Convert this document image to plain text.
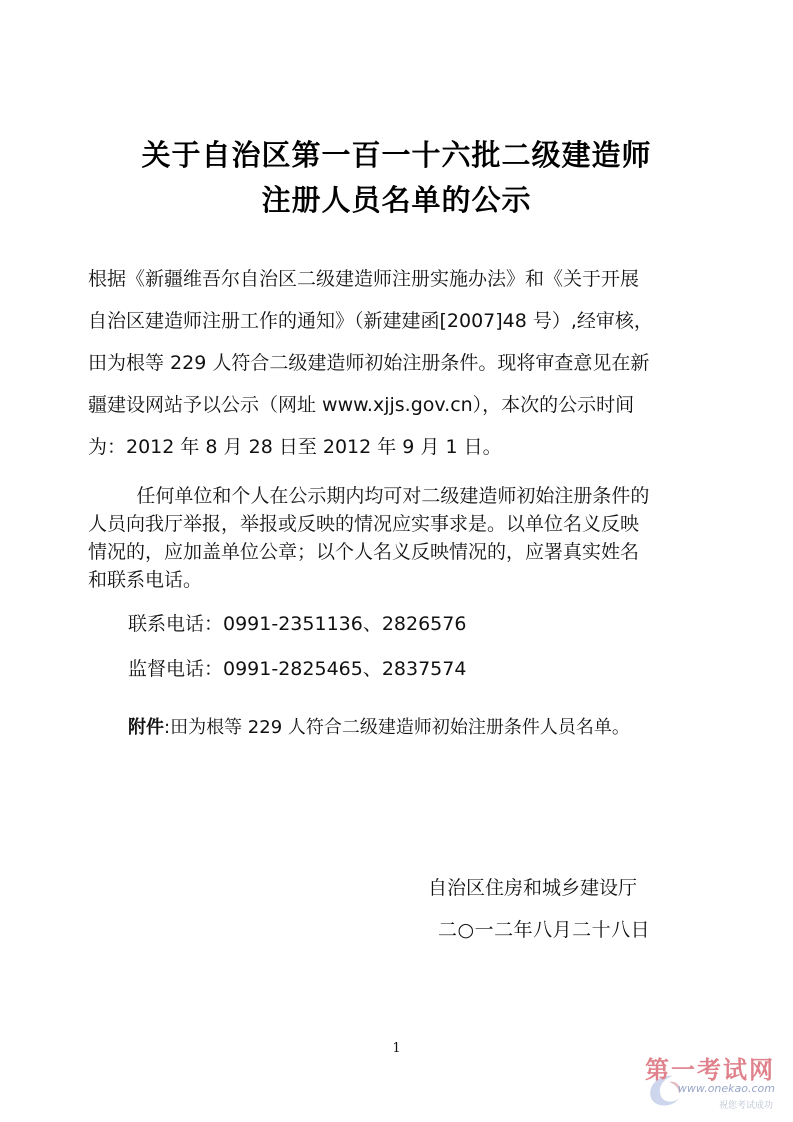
关于自治区第一百一十六批二级建造师
注册人员名单的公示
根据《新疆维吾尔自治区二级建造师注册实施办法》和《关于开展
自治区建造师注册工作的通知》（新建建函[2007]48 号）,经审核，
田为根等 229 人符合二级建造师初始注册条件。现将审查意见在新
疆建设网站予以公示（网址 www.xjjs.gov.cn），本次的公示时间
为：2012 年 8 月 28 日至 2012 年 9 月 1 日。
任何单位和个人在公示期内均可对二级建造师初始注册条件的
人员向我厅举报，举报或反映的情况应实事求是。以单位名义反映
情况的，应加盖单位公章；以个人名义反映情况的，应署真实姓名
和联系电话。
联系电话：0991-2351136、2826576
监督电话：0991-2825465、2837574
附件:田为根等 229 人符合二级建造师初始注册条件人员名单。
自治区住房和城乡建设厅
二○一二年八月二十八日
1
第一考试网
www.onekao.com
祝您考试成功
